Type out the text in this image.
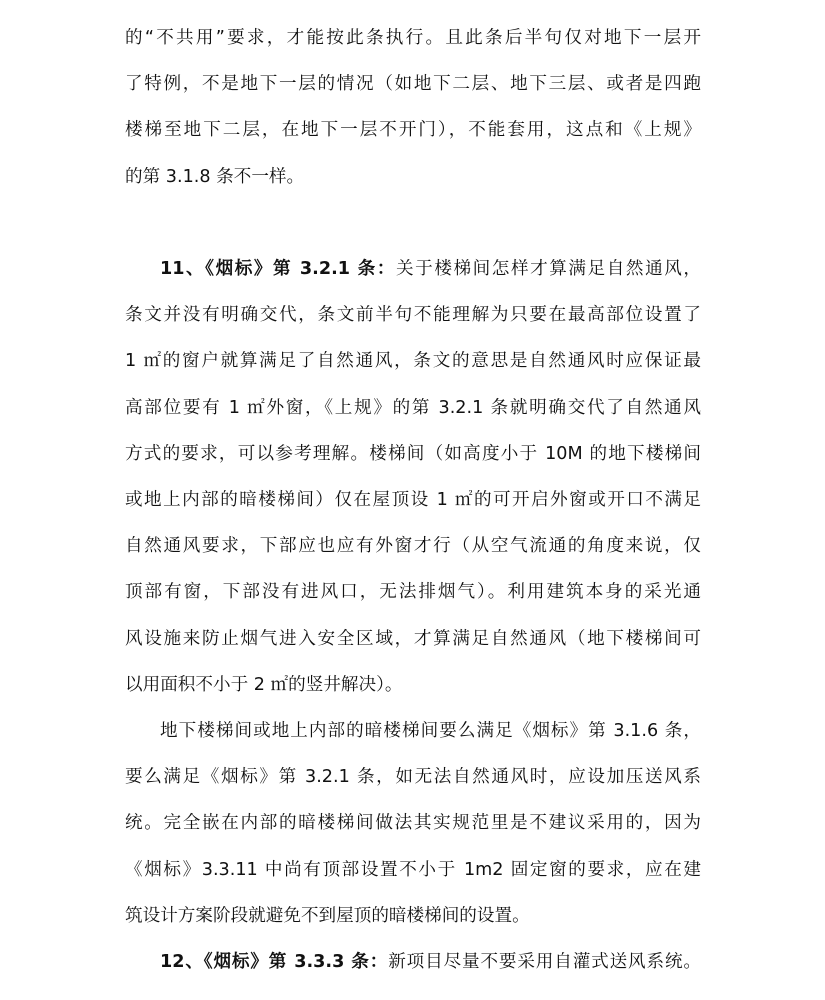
的“不共用”要求，才能按此条执行。且此条后半句仅对地下一层开
了特例，不是地下一层的情况（如地下二层、地下三层、或者是四跑
楼梯至地下二层，在地下一层不开门），不能套用，这点和《上规》
的第 3.1.8 条不一样。
11、《烟标》第 3.2.1 条：关于楼梯间怎样才算满足自然通风，
条文并没有明确交代，条文前半句不能理解为只要在最高部位设置了
1 ㎡的窗户就算满足了自然通风，条文的意思是自然通风时应保证最
高部位要有 1 ㎡外窗，《上规》的第 3.2.1 条就明确交代了自然通风
方式的要求，可以参考理解。楼梯间（如高度小于 10M 的地下楼梯间
或地上内部的暗楼梯间）仅在屋顶设 1 ㎡的可开启外窗或开口不满足
自然通风要求，下部应也应有外窗才行（从空气流通的角度来说，仅
顶部有窗，下部没有进风口，无法排烟气）。利用建筑本身的采光通
风设施来防止烟气进入安全区域，才算满足自然通风（地下楼梯间可
以用面积不小于 2 ㎡的竖井解决）。
地下楼梯间或地上内部的暗楼梯间要么满足《烟标》第 3.1.6 条，
要么满足《烟标》第 3.2.1 条，如无法自然通风时，应设加压送风系
统。完全嵌在内部的暗楼梯间做法其实规范里是不建议采用的，因为
《烟标》3.3.11 中尚有顶部设置不小于 1m2 固定窗的要求，应在建
筑设计方案阶段就避免不到屋顶的暗楼梯间的设置。
12、《烟标》第 3.3.3 条：新项目尽量不要采用自灌式送风系统。
